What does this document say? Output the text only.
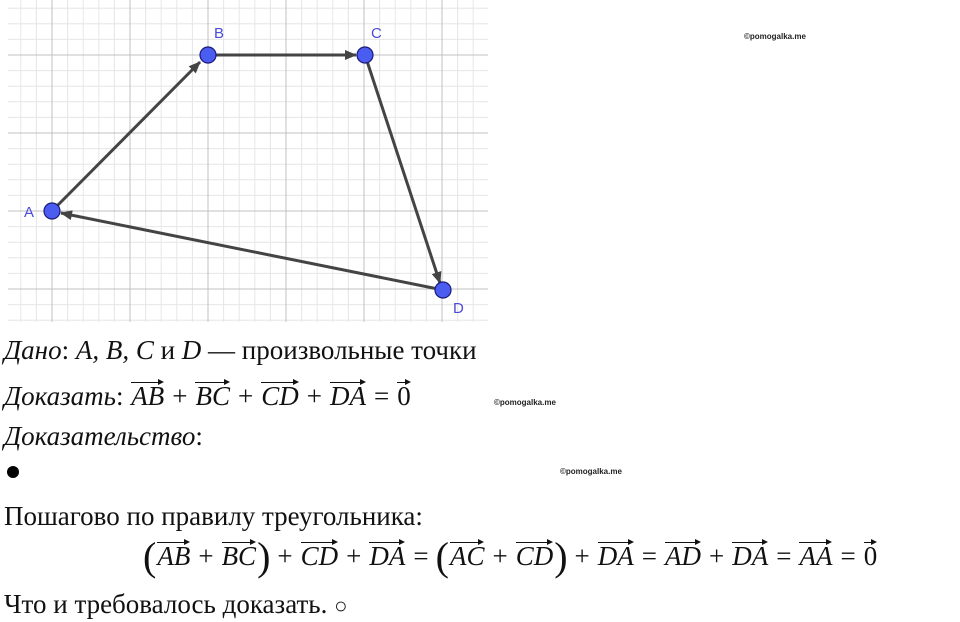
A
B	C
D
©pomogalka.me
©pomogalka.me
©pomogalka.me
Дано: A, B, C и D — произвольные точки
Доказать: AB + BC + CD + DA = 0
Доказательство:
Пошагово по правилу треугольника:
(AB + BC) + CD + DA = (AC + CD) + DA = AD + DA = AA = 0
Что и требовалось доказать. ○
